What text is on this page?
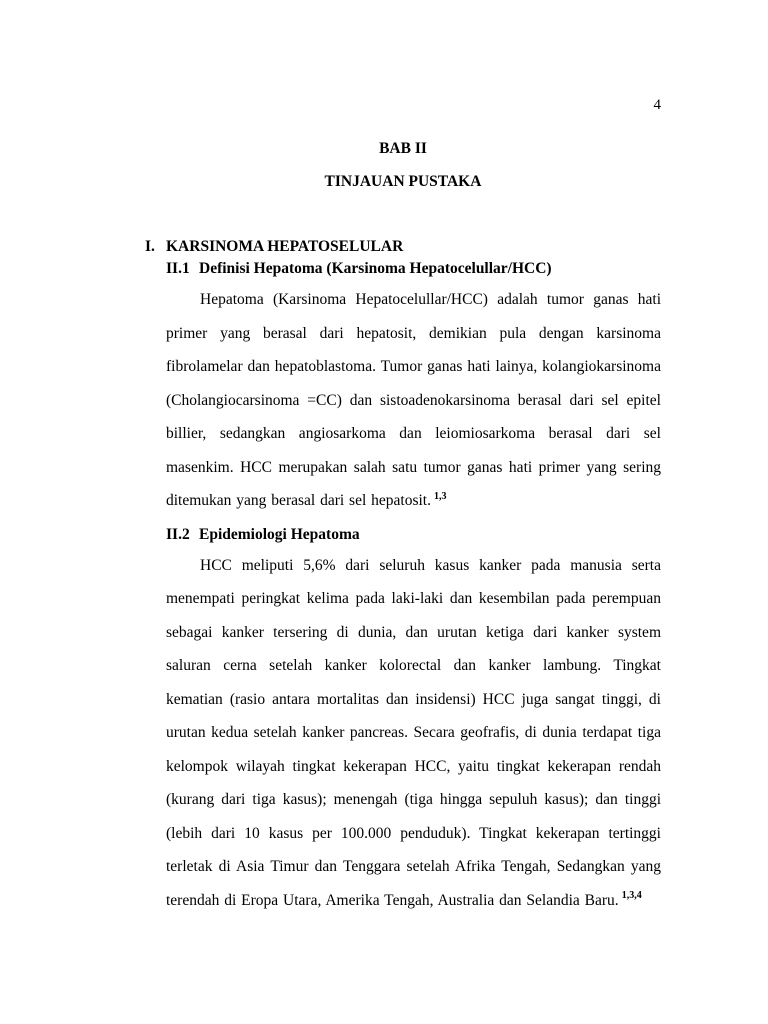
4
BAB II
TINJAUAN PUSTAKA
I. KARSINOMA HEPATOSELULAR
II.1 Definisi Hepatoma (Karsinoma Hepatocelullar/HCC)

Hepatoma (Karsinoma Hepatocelullar/HCC) adalah tumor ganas hati primer yang berasal dari hepatosit, demikian pula dengan karsinoma fibrolamelar dan hepatoblastoma. Tumor ganas hati lainya, kolangiokarsinoma (Cholangiocarsinoma =CC) dan sistoadenokarsinoma berasal dari sel epitel billier, sedangkan angiosarkoma dan leiomiosarkoma berasal dari sel masenkim. HCC merupakan salah satu tumor ganas hati primer yang sering ditemukan yang berasal dari sel hepatosit. $^{1,3}$

II.2 Epidemiologi Hepatoma

HCC meliputi 5,6% dari seluruh kasus kanker pada manusia serta menempati peringkat kelima pada laki-laki dan kesembilan pada perempuan sebagai kanker tersering di dunia, dan urutan ketiga dari kanker system saluran cerna setelah kanker kolorectal dan kanker lambung. Tingkat kematian (rasio antara mortalitas dan insidensi) HCC juga sangat tinggi, di urutan kedua setelah kanker pancreas. Secara geofrafis, di dunia terdapat tiga kelompok wilayah tingkat kekerapan HCC, yaitu tingkat kekerapan rendah (kurang dari tiga kasus); menengah (tiga hingga sepuluh kasus); dan tinggi (lebih dari 10 kasus per 100.000 penduduk). Tingkat kekerapan tertinggi terletak di Asia Timur dan Tenggara setelah Afrika Tengah, Sedangkan yang terendah di Eropa Utara, Amerika Tengah, Australia dan Selandia Baru. $^{1,3,4}$
